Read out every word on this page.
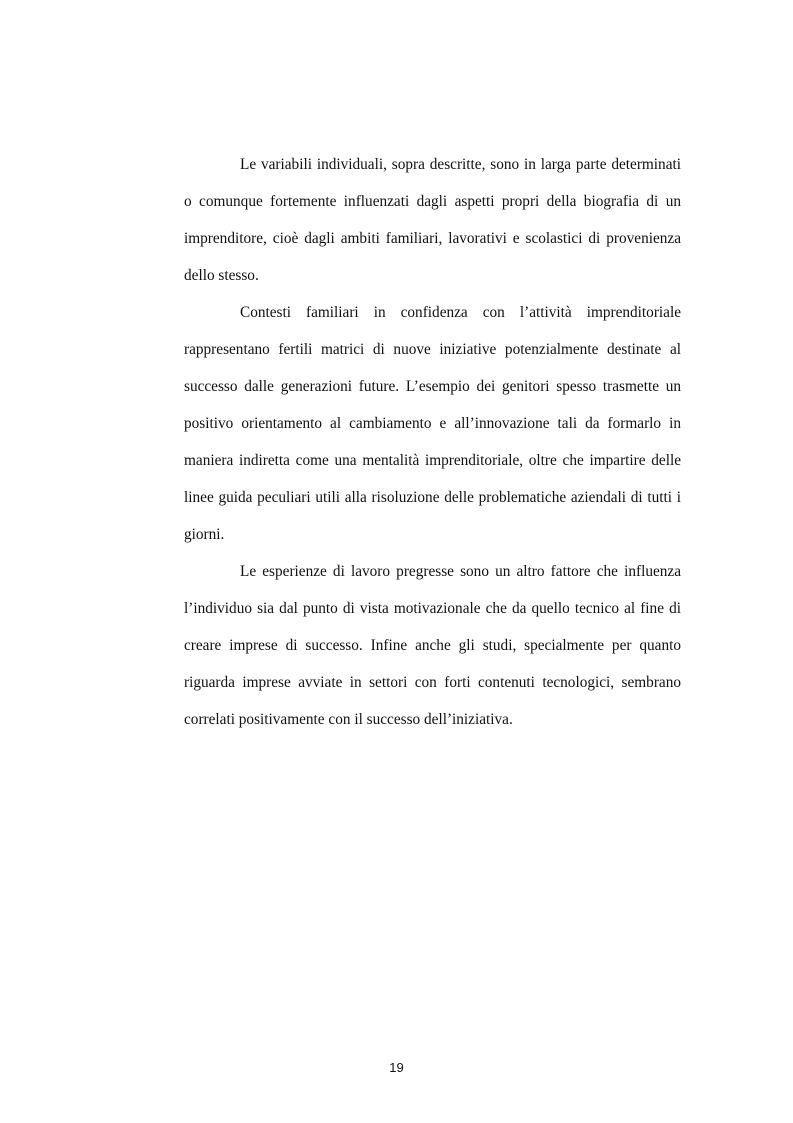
Le variabili individuali, sopra descritte, sono in larga parte determinati o comunque fortemente influenzati dagli aspetti propri della biografia di un imprenditore, cioè dagli ambiti familiari, lavorativi e scolastici di provenienza dello stesso.

Contesti familiari in confidenza con l’attività imprenditoriale rappresentano fertili matrici di nuove iniziative potenzialmente destinate al successo dalle generazioni future. L’esempio dei genitori spesso trasmette un positivo orientamento al cambiamento e all’innovazione tali da formarlo in maniera indiretta come una mentalità imprenditoriale, oltre che impartire delle linee guida peculiari utili alla risoluzione delle problematiche aziendali di tutti i giorni.

Le esperienze di lavoro pregresse sono un altro fattore che influenza l’individuo sia dal punto di vista motivazionale che da quello tecnico al fine di creare imprese di successo. Infine anche gli studi, specialmente per quanto riguarda imprese avviate in settori con forti contenuti tecnologici, sembrano correlati positivamente con il successo dell’iniziativa.

19
